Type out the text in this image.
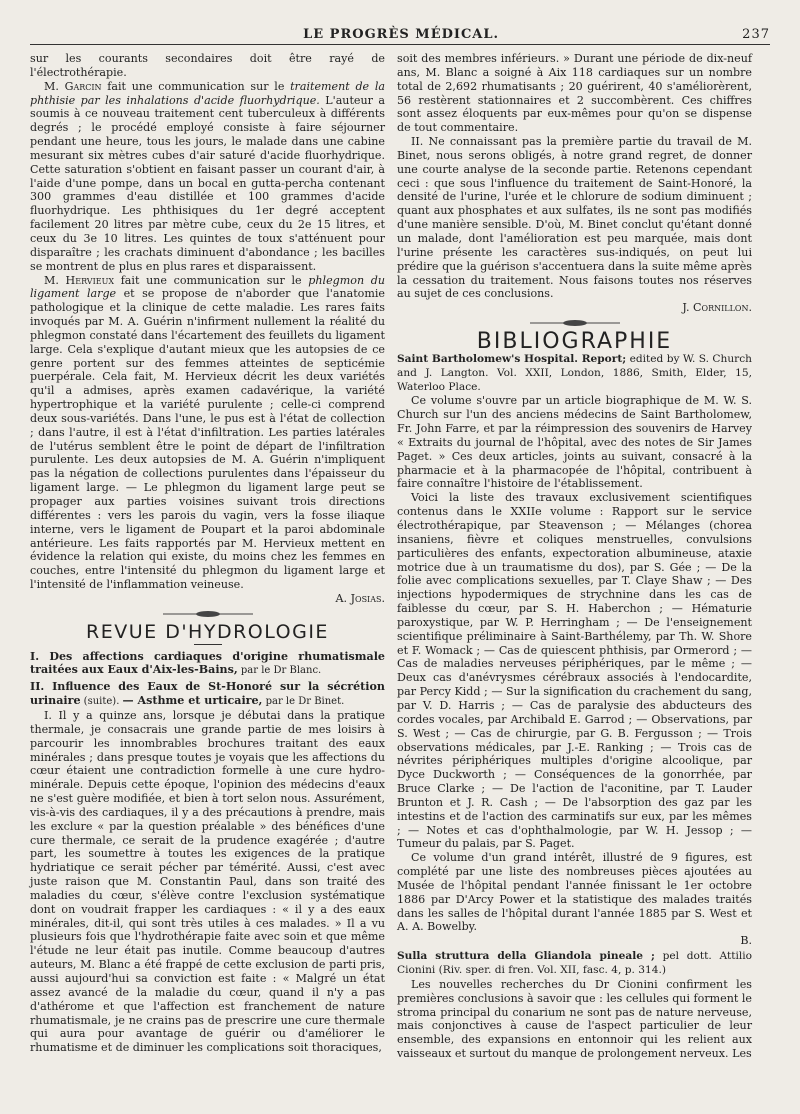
LE PROGRÈS MÉDICAL.	237

sur les courants secondaires doit être rayé de l'électrothérapie.

M. Garcin fait une communication sur le traitement de la phthisie par les inhalations d'acide fluorhydrique. L'auteur a soumis à ce nouveau traitement cent tuberculeux à différents degrés ; le procédé employé consiste à faire séjourner pendant une heure, tous les jours, le malade dans une cabine mesurant six mètres cubes d'air saturé d'acide fluorhydrique. Cette saturation s'obtient en faisant passer un courant d'air, à l'aide d'une pompe, dans un bocal en gutta-percha contenant 300 grammes d'eau distillée et 100 grammes d'acide fluorhydrique. Les phthisiques du 1er degré acceptent facilement 20 litres par mètre cube, ceux du 2e 15 litres, et ceux du 3e 10 litres. Les quintes de toux s'atténuent pour disparaître ; les crachats diminuent d'abondance ; les bacilles se montrent de plus en plus rares et disparaissent.

M. Hervieux fait une communication sur le phlegmon du ligament large et se propose de n'aborder que l'anatomie pathologique et la clinique de cette maladie. Les rares faits invoqués par M. A. Guérin n'infirment nullement la réalité du phlegmon constaté dans l'écartement des feuillets du ligament large. Cela s'explique d'autant mieux que les autopsies de ce genre portent sur des femmes atteintes de septicémie puerpérale. Cela fait, M. Hervieux décrit les deux variétés qu'il a admises, après examen cadavérique, la variété hypertrophique et la variété purulente ; celle-ci comprend deux sous-variétés. Dans l'une, le pus est à l'état de collection ; dans l'autre, il est à l'état d'infiltration. Les parties latérales de l'utérus semblent être le point de départ de l'infiltration purulente. Les deux autopsies de M. A. Guérin n'impliquent pas la négation de collections purulentes dans l'épaisseur du ligament large. — Le phlegmon du ligament large peut se propager aux parties voisines suivant trois directions différentes : vers les parois du vagin, vers la fosse iliaque interne, vers le ligament de Poupart et la paroi abdominale antérieure. Les faits rapportés par M. Hervieux mettent en évidence la relation qui existe, du moins chez les femmes en couches, entre l'intensité du phlegmon du ligament large et l'intensité de l'inflammation veineuse.

A. Josias.

REVUE D'HYDROLOGIE

I. Des affections cardiaques d'origine rhumatismale traitées aux Eaux d'Aix-les-Bains, par le Dr Blanc.

II. Influence des Eaux de St-Honoré sur la sécrétion urinaire (suite). — Asthme et urticaire, par le Dr Binet.

I. Il y a quinze ans, lorsque je débutai dans la pratique thermale, je consacrais une grande partie de mes loisirs à parcourir les innombrables brochures traitant des eaux minérales ; dans presque toutes je voyais que les affections du cœur étaient une contradiction formelle à une cure hydro-minérale. Depuis cette époque, l'opinion des médecins d'eaux ne s'est guère modifiée, et bien à tort selon nous. Assurément, vis-à-vis des cardiaques, il y a des précautions à prendre, mais les exclure « par la question préalable » des bénéfices d'une cure thermale, ce serait de la prudence exagérée ; d'autre part, les soumettre à toutes les exigences de la pratique hydriatique ce serait pécher par témérité. Aussi, c'est avec juste raison que M. Constantin Paul, dans son traité des maladies du cœur, s'élève contre l'exclusion systématique dont on voudrait frapper les cardiaques : « il y a des eaux minérales, dit-il, qui sont très utiles à ces malades. » Il a vu plusieurs fois que l'hydrothérapie faite avec soin et que même l'étude ne leur était pas inutile. Comme beaucoup d'autres auteurs, M. Blanc a été frappé de cette exclusion de parti pris, aussi aujourd'hui sa conviction est faite : « Malgré un état assez avancé de la maladie du cœur, quand il n'y a pas d'athérome et que l'affection est franchement de nature rhumatismale, je ne crains pas de prescrire une cure thermale qui aura pour avantage de guérir ou d'améliorer le rhumatisme et de diminuer les complications soit thoraciques,

soit des membres inférieurs. » Durant une période de dix-neuf ans, M. Blanc a soigné à Aix 118 cardiaques sur un nombre total de 2,692 rhumatisants ; 20 guérirent, 40 s'améliorèrent, 56 restèrent stationnaires et 2 succombèrent. Ces chiffres sont assez éloquents par eux-mêmes pour qu'on se dispense de tout commentaire.

II. Ne connaissant pas la première partie du travail de M. Binet, nous serons obligés, à notre grand regret, de donner une courte analyse de la seconde partie. Retenons cependant ceci : que sous l'influence du traitement de Saint-Honoré, la densité de l'urine, l'urée et le chlorure de sodium diminuent ; quant aux phosphates et aux sulfates, ils ne sont pas modifiés d'une manière sensible. D'où, M. Binet conclut qu'étant donné un malade, dont l'amélioration est peu marquée, mais dont l'urine présente les caractères sus-indiqués, on peut lui prédire que la guérison s'accentuera dans la suite même après la cessation du traitement. Nous faisons toutes nos réserves au sujet de ces conclusions.

J. Cornillon.

BIBLIOGRAPHIE

Saint Bartholomew's Hospital. Report; edited by W. S. Church and J. Langton. Vol. XXII, London, 1886, Smith, Elder, 15, Waterloo Place.

Ce volume s'ouvre par un article biographique de M. W. S. Church sur l'un des anciens médecins de Saint Bartholomew, Fr. John Farre, et par la réimpression des souvenirs de Harvey « Extraits du journal de l'hôpital, avec des notes de Sir James Paget. » Ces deux articles, joints au suivant, consacré à la pharmacie et à la pharmacopée de l'hôpital, contribuent à faire connaître l'histoire de l'établissement.

Voici la liste des travaux exclusivement scientifiques contenus dans le XXIIe volume : Rapport sur le service électrothérapique, par Steavenson ; — Mélanges (chorea insaniens, fièvre et coliques menstruelles, convulsions particulières des enfants, expectoration albumineuse, ataxie motrice due à un traumatisme du dos), par S. Gée ; — De la folie avec complications sexuelles, par T. Claye Shaw ; — Des injections hypodermiques de strychnine dans les cas de faiblesse du cœur, par S. H. Haberchon ; — Hématurie paroxystique, par W. P. Herringham ; — De l'enseignement scientifique préliminaire à Saint-Barthélemy, par Th. W. Shore et F. Womack ; — Cas de quiescent phthisis, par Ormerord ; — Cas de maladies nerveuses périphériques, par le même ; — Deux cas d'anévrysmes cérébraux associés à l'endocardite, par Percy Kidd ; — Sur la signification du crachement du sang, par V. D. Harris ; — Cas de paralysie des abducteurs des cordes vocales, par Archibald E. Garrod ; — Observations, par S. West ; — Cas de chirurgie, par G. B. Fergusson ; — Trois observations médicales, par J.-E. Ranking ; — Trois cas de névrites périphériques multiples d'origine alcoolique, par Dyce Duckworth ; — Conséquences de la gonorrhée, par Bruce Clarke ; — De l'action de l'aconitine, par T. Lauder Brunton et J. R. Cash ; — De l'absorption des gaz par les intestins et de l'action des carminatifs sur eux, par les mêmes ; — Notes et cas d'ophthalmologie, par W. H. Jessop ; — Tumeur du palais, par S. Paget.

Ce volume d'un grand intérêt, illustré de 9 figures, est complété par une liste des nombreuses pièces ajoutées au Musée de l'hôpital pendant l'année finissant le 1er octobre 1886 par D'Arcy Power et la statistique des malades traités dans les salles de l'hôpital durant l'année 1885 par S. West et A. A. Bowelby.

B.

Sulla struttura della Gliandola pineale ; pel dott. Attilio Cionini (Riv. sper. di fren. Vol. XII, fasc. 4, p. 314.)

Les nouvelles recherches du Dr Cionini confirment les premières conclusions à savoir que : les cellules qui forment le stroma principal du conarium ne sont pas de nature nerveuse, mais conjonctives à cause de l'aspect particulier de leur ensemble, des expansions en entonnoir qui les relient aux vaisseaux et surtout du manque de prolongement nerveux. Les
